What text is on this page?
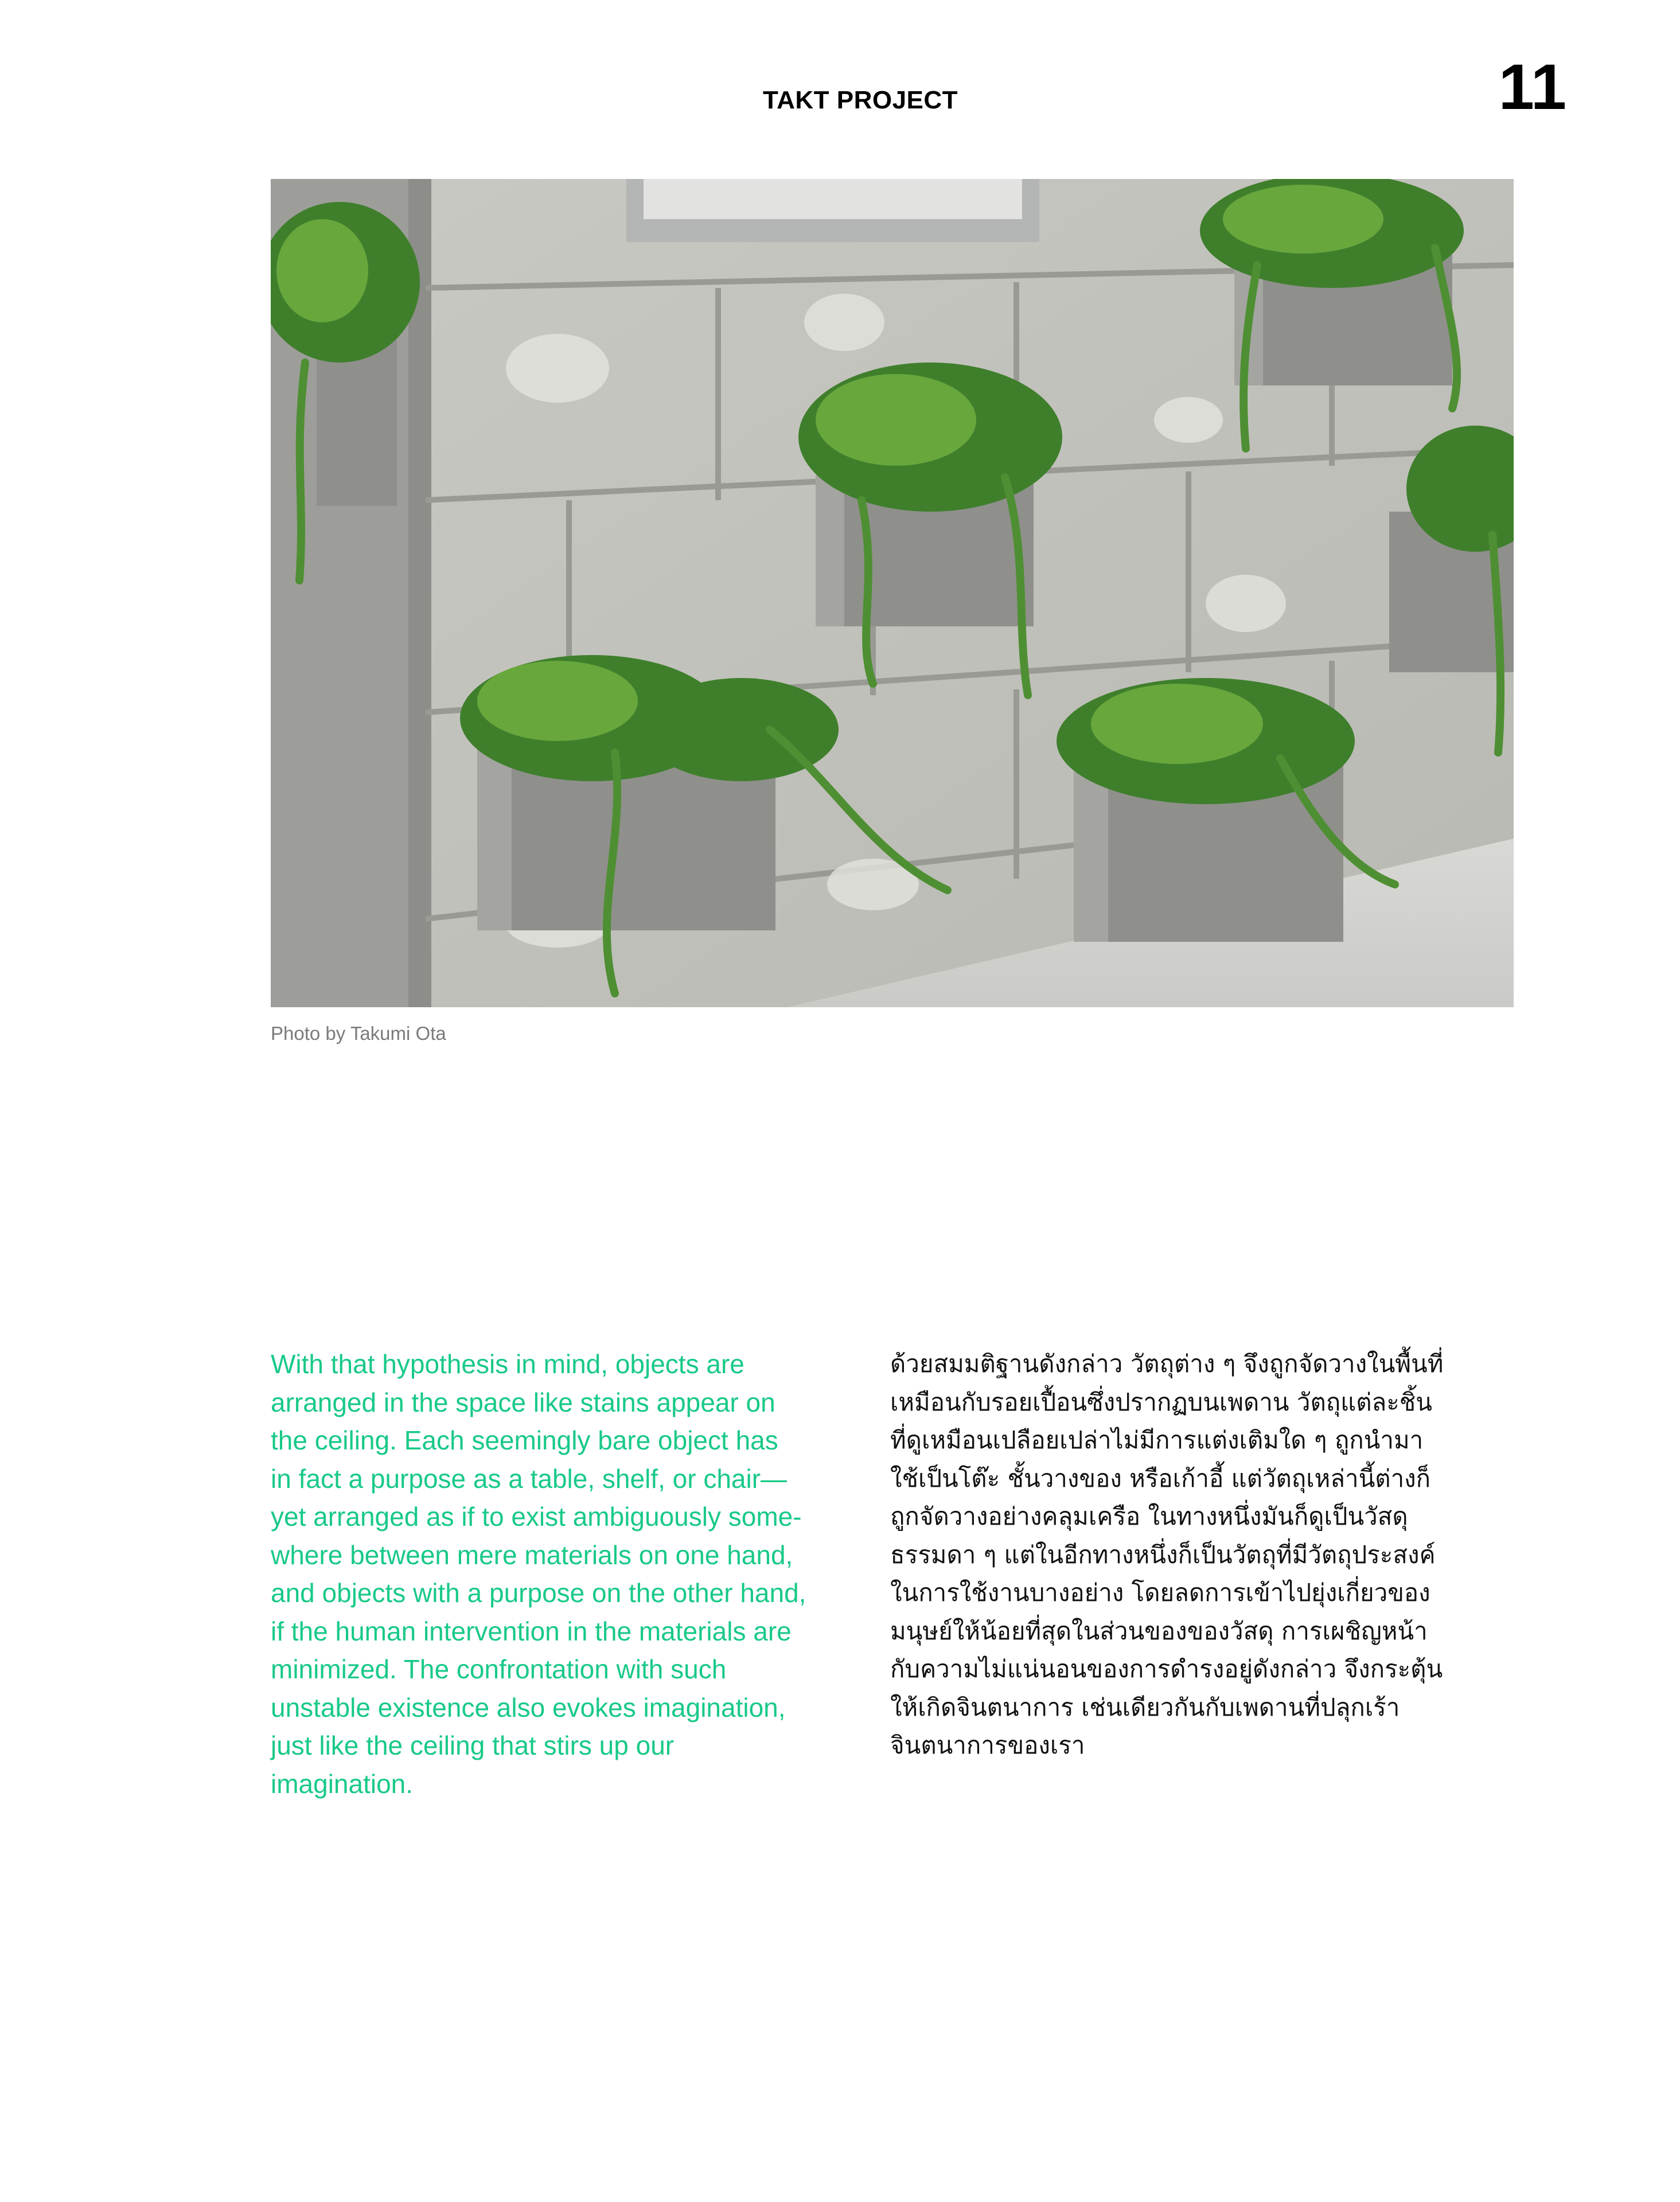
TAKT PROJECT	11
Photo by Takumi Ota

With that hypothesis in mind, objects are

arranged in the space like stains appear on

the ceiling. Each seemingly bare object has

in fact a purpose as a table, shelf, or chair—

yet arranged as if to exist ambiguously some-

where between mere materials on one hand,

and objects with a purpose on the other hand,

if the human intervention in the materials are

minimized. The confrontation with such

unstable existence also evokes imagination,

just like the ceiling that stirs up our

imagination.

ด้วยสมมติฐานดังกล่าว วัตถุต่าง ๆ จึงถูกจัดวางในพื้นที่

เหมือนกับรอยเปื้อนซึ่งปรากฏบนเพดาน วัตถุแต่ละชิ้น

ที่ดูเหมือนเปลือยเปล่าไม่มีการแต่งเติมใด ๆ ถูกนำมา

ใช้เป็นโต๊ะ ชั้นวางของ หรือเก้าอี้ แต่วัตถุเหล่านี้ต่างก็

ถูกจัดวางอย่างคลุมเครือ ในทางหนึ่งมันก็ดูเป็นวัสดุ

ธรรมดา ๆ แต่ในอีกทางหนึ่งก็เป็นวัตถุที่มีวัตถุประสงค์

ในการใช้งานบางอย่าง โดยลดการเข้าไปยุ่งเกี่ยวของ

มนุษย์ให้น้อยที่สุดในส่วนของของวัสดุ การเผชิญหน้า

กับความไม่แน่นอนของการดำรงอยู่ดังกล่าว จึงกระตุ้น

ให้เกิดจินตนาการ เช่นเดียวกันกับเพดานที่ปลุกเร้า

จินตนาการของเรา
